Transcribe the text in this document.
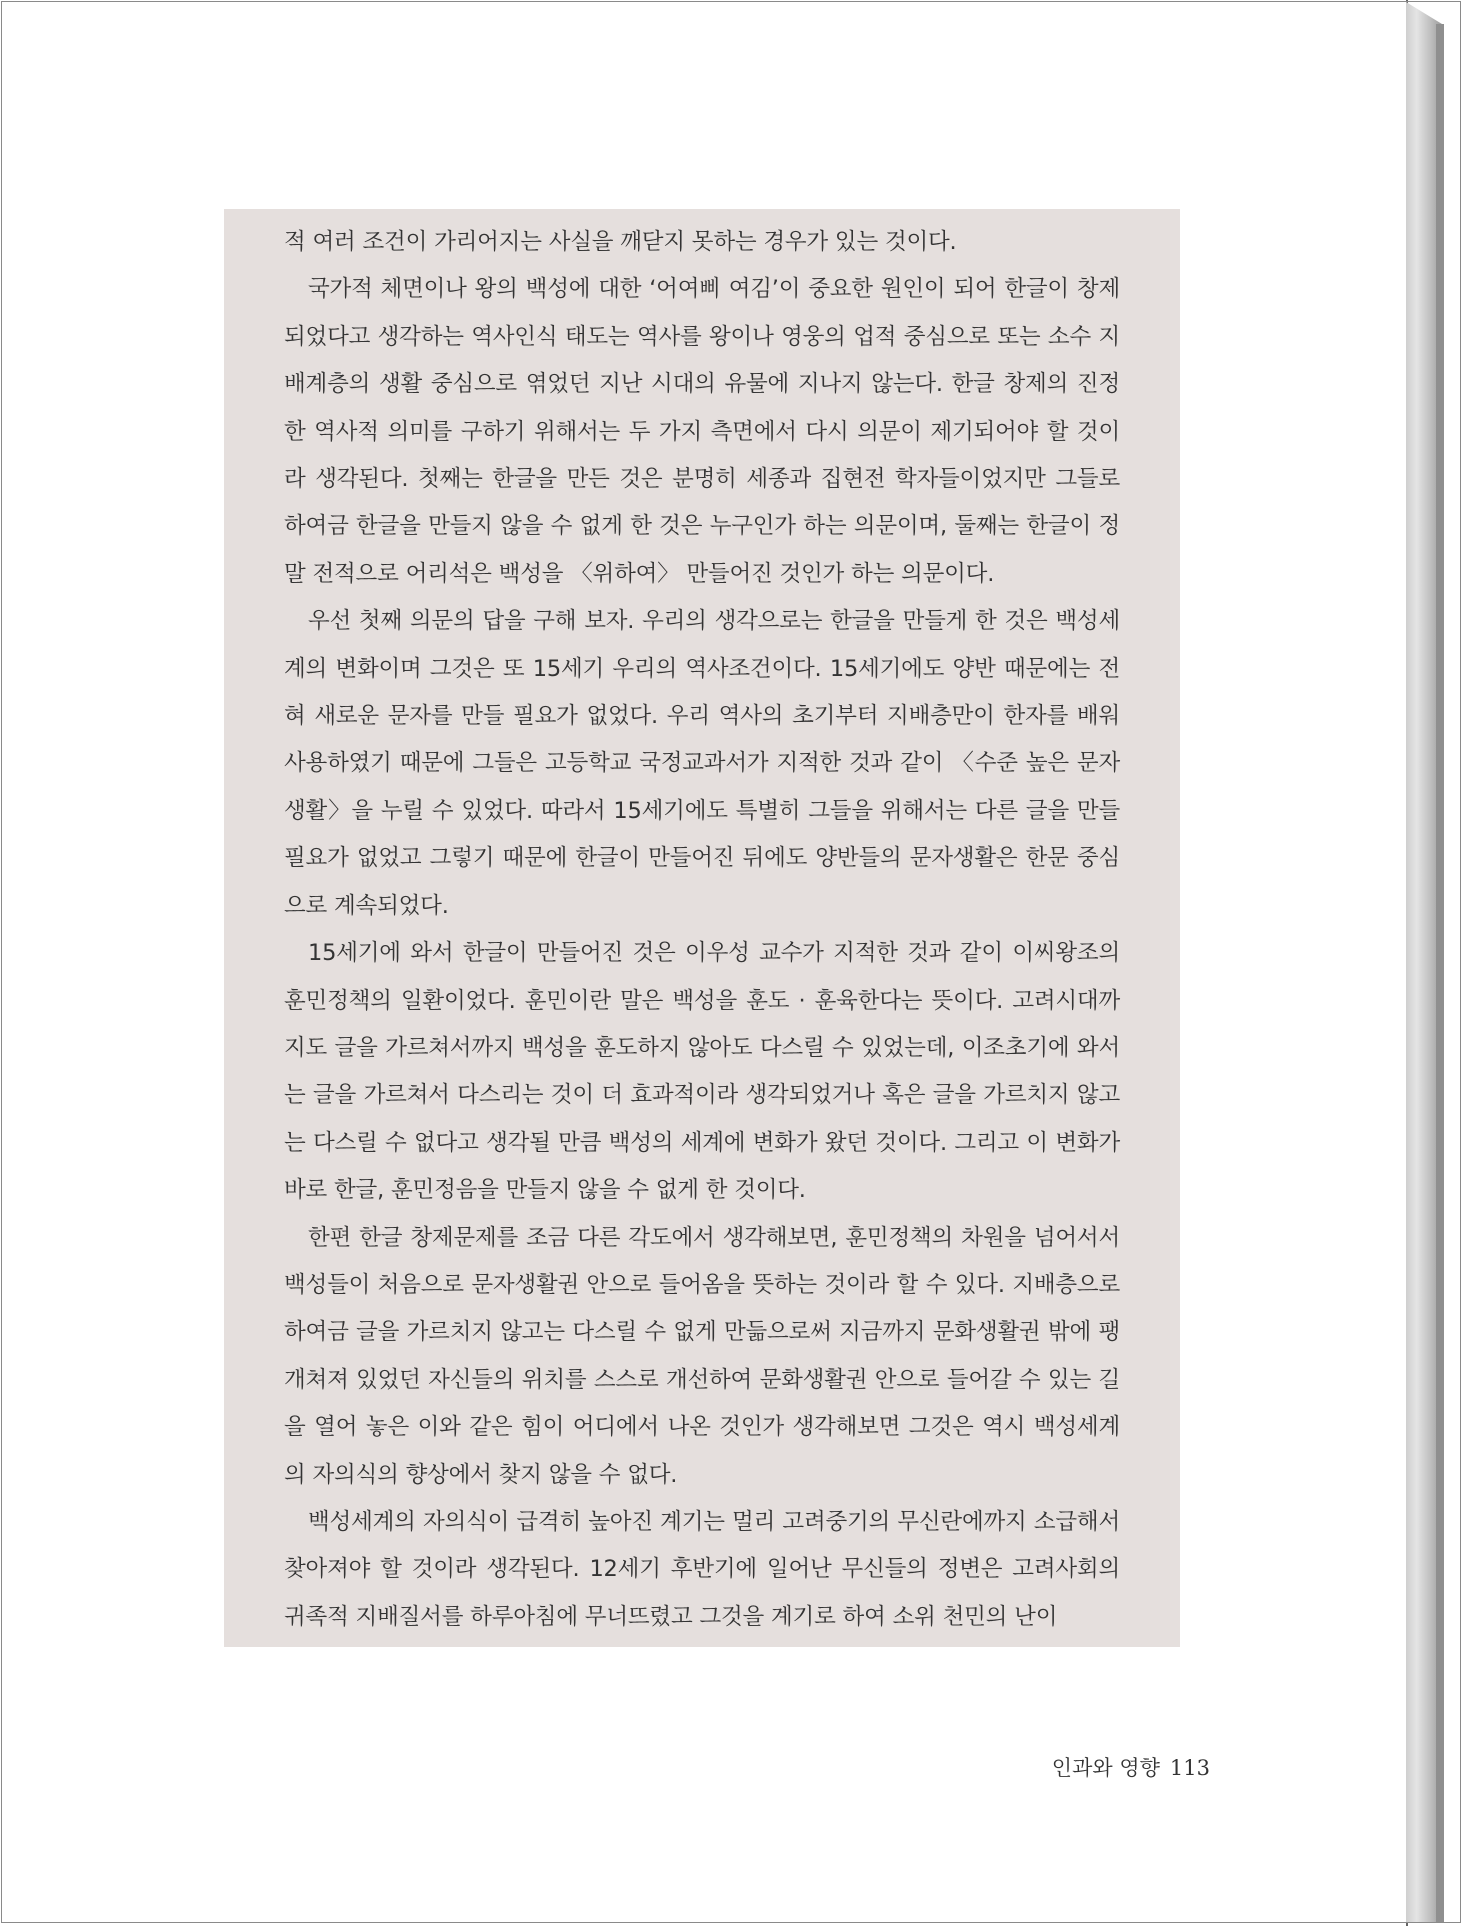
적 여러 조건이 가리어지는 사실을 깨닫지 못하는 경우가 있는 것이다.

국가적 체면이나 왕의 백성에 대한 ‘어여삐 여김’이 중요한 원인이 되어 한글이 창제되었다고 생각하는 역사인식 태도는 역사를 왕이나 영웅의 업적 중심으로 또는 소수 지배계층의 생활 중심으로 엮었던 지난 시대의 유물에 지나지 않는다. 한글 창제의 진정한 역사적 의미를 구하기 위해서는 두 가지 측면에서 다시 의문이 제기되어야 할 것이라 생각된다. 첫째는 한글을 만든 것은 분명히 세종과 집현전 학자들이었지만 그들로 하여금 한글을 만들지 않을 수 없게 한 것은 누구인가 하는 의문이며, 둘째는 한글이 정말 전적으로 어리석은 백성을 〈위하여〉 만들어진 것인가 하는 의문이다.

우선 첫째 의문의 답을 구해 보자. 우리의 생각으로는 한글을 만들게 한 것은 백성세계의 변화이며 그것은 또 15세기 우리의 역사조건이다. 15세기에도 양반 때문에는 전혀 새로운 문자를 만들 필요가 없었다. 우리 역사의 초기부터 지배층만이 한자를 배워 사용하였기 때문에 그들은 고등학교 국정교과서가 지적한 것과 같이 〈수준 높은 문자생활〉을 누릴 수 있었다. 따라서 15세기에도 특별히 그들을 위해서는 다른 글을 만들 필요가 없었고 그렇기 때문에 한글이 만들어진 뒤에도 양반들의 문자생활은 한문 중심으로 계속되었다.

15세기에 와서 한글이 만들어진 것은 이우성 교수가 지적한 것과 같이 이씨왕조의 훈민정책의 일환이었다. 훈민이란 말은 백성을 훈도 · 훈육한다는 뜻이다. 고려시대까지도 글을 가르쳐서까지 백성을 훈도하지 않아도 다스릴 수 있었는데, 이조초기에 와서는 글을 가르쳐서 다스리는 것이 더 효과적이라 생각되었거나 혹은 글을 가르치지 않고는 다스릴 수 없다고 생각될 만큼 백성의 세계에 변화가 왔던 것이다. 그리고 이 변화가 바로 한글, 훈민정음을 만들지 않을 수 없게 한 것이다.

한편 한글 창제문제를 조금 다른 각도에서 생각해보면, 훈민정책의 차원을 넘어서서 백성들이 처음으로 문자생활권 안으로 들어옴을 뜻하는 것이라 할 수 있다. 지배층으로 하여금 글을 가르치지 않고는 다스릴 수 없게 만듦으로써 지금까지 문화생활권 밖에 팽개쳐져 있었던 자신들의 위치를 스스로 개선하여 문화생활권 안으로 들어갈 수 있는 길을 열어 놓은 이와 같은 힘이 어디에서 나온 것인가 생각해보면 그것은 역시 백성세계의 자의식의 향상에서 찾지 않을 수 없다.

백성세계의 자의식이 급격히 높아진 계기는 멀리 고려중기의 무신란에까지 소급해서 찾아져야 할 것이라 생각된다. 12세기 후반기에 일어난 무신들의 정변은 고려사회의 귀족적 지배질서를 하루아침에 무너뜨렸고 그것을 계기로 하여 소위 천민의 난이

인과와 영향 113
